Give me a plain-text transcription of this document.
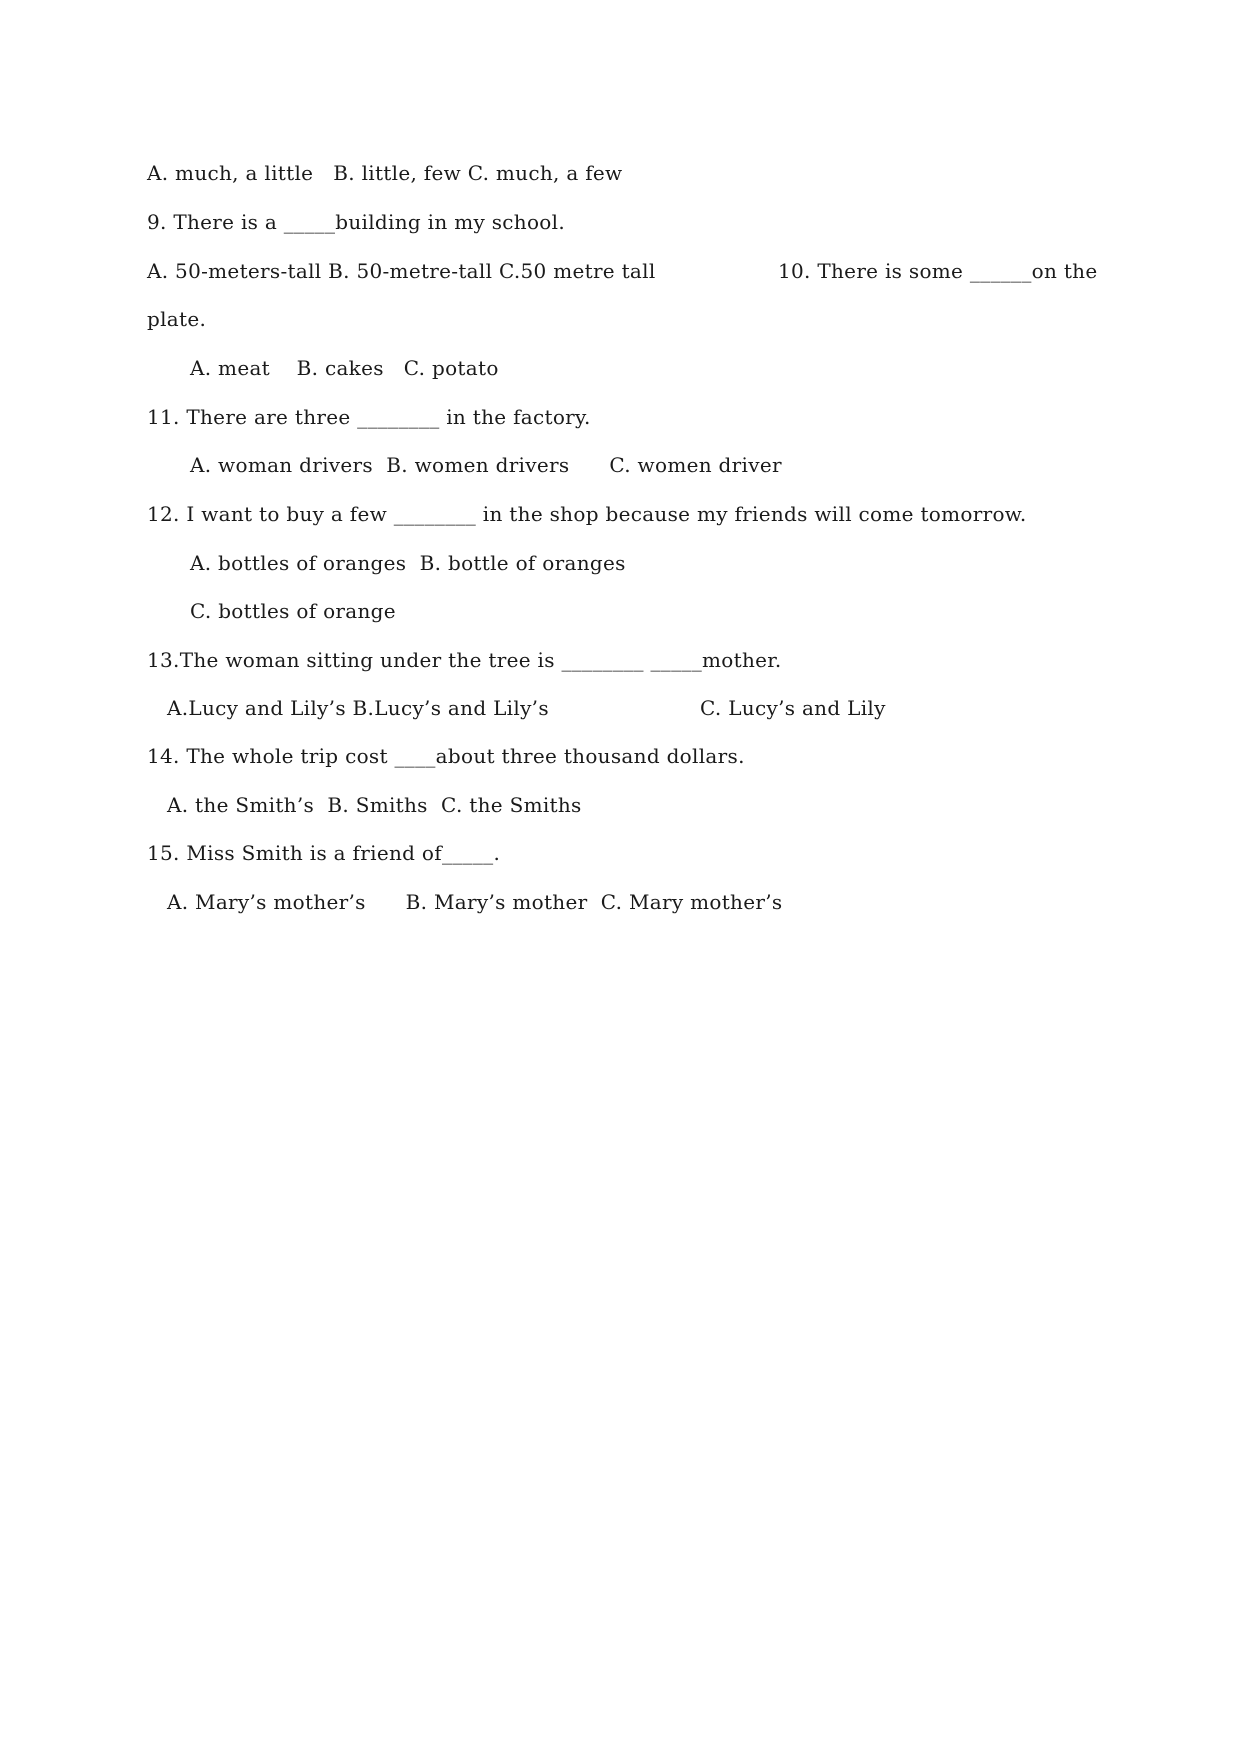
A. much, a little   B. little, few C. much, a few
9. There is a _____building in my school.
A. 50-meters-tall B. 50-metre-tall C.50 metre tall	10. There is some ______on the
plate.
A. meat    B. cakes   C. potato
11. There are three ________ in the factory.
A. woman drivers  B. women drivers      C. women driver
12. I want to buy a few ________ in the shop because my friends will come tomorrow.
A. bottles of oranges  B. bottle of oranges
C. bottles of orange
13.The woman sitting under the tree is ________ _____mother.
A.Lucy and Lily’s B.Lucy’s and Lily’s	C. Lucy’s and Lily
14. The whole trip cost ____about three thousand dollars.
A. the Smith’s  B. Smiths  C. the Smiths
15. Miss Smith is a friend of_____.
A. Mary’s mother’s      B. Mary’s mother  C. Mary mother’s
